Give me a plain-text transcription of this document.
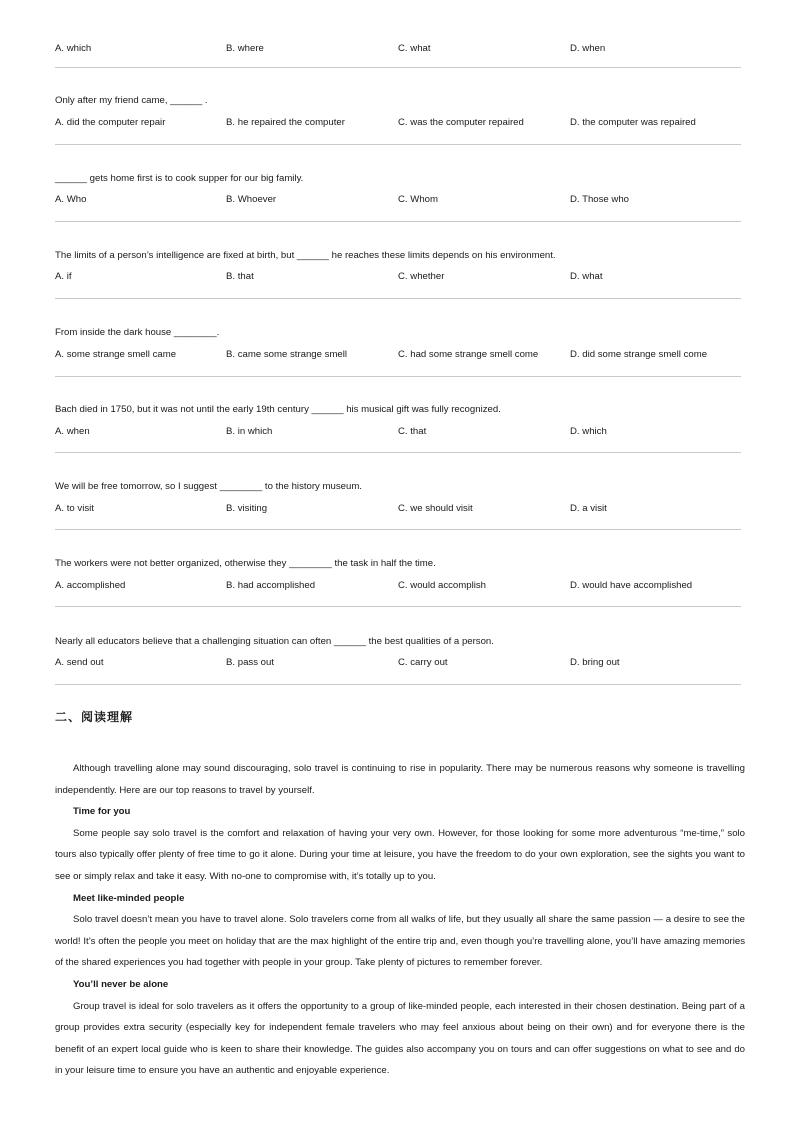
A. which	B. where	C. what	D. when
Only after my friend came, ______ .
A. did the computer repair	B. he repaired the computer	C. was the computer repaired	D. the computer was repaired
______ gets home first is to cook supper for our big family.
A. Who	B. Whoever	C. Whom	D. Those who
The limits of a person’s intelligence are fixed at birth, but ______ he reaches these limits depends on his environment.
A. if	B. that	C. whether	D. what
From inside the dark house ________.
A. some strange smell came	B. came some strange smell	C. had some strange smell come	D. did some strange smell come
Bach died in 1750, but it was not until the early 19th century ______ his musical gift was fully recognized.
A. when	B. in which	C. that	D. which
We will be free tomorrow, so I suggest ________ to the history museum.
A. to visit	B. visiting	C. we should visit	D. a visit
The workers were not better organized, otherwise they ________ the task in half the time.
A. accomplished	B. had accomplished	C. would accomplish	D. would have accomplished
Nearly all educators believe that a challenging situation can often ______ the best qualities of a person.
A. send out	B. pass out	C. carry out	D. bring out
二、阅读理解

Although travelling alone may sound discouraging, solo travel is continuing to rise in popularity. There may be numerous reasons why someone is travelling independently. Here are our top reasons to travel by yourself.

Time for you

Some people say solo travel is the comfort and relaxation of having your very own. However, for those looking for some more adventurous “me-time,” solo tours also typically offer plenty of free time to go it alone. During your time at leisure, you have the freedom to do your own exploration, see the sights you want to see or simply relax and take it easy. With no-one to compromise with, it’s totally up to you.

Meet like-minded people

Solo travel doesn’t mean you have to travel alone. Solo travelers come from all walks of life, but they usually all share the same passion — a desire to see the world! It’s often the people you meet on holiday that are the max highlight of the entire trip and, even though you’re travelling alone, you’ll have amazing memories of the shared experiences you had together with people in your group. Take plenty of pictures to remember forever.

You’ll never be alone

Group travel is ideal for solo travelers as it offers the opportunity to a group of like-minded people, each interested in their chosen destination. Being part of a group provides extra security (especially key for independent female travelers who may feel anxious about being on their own) and for everyone there is the benefit of an expert local guide who is keen to share their knowledge. The guides also accompany you on tours and can offer suggestions on what to see and do in your leisure time to ensure you have an authentic and enjoyable experience.
